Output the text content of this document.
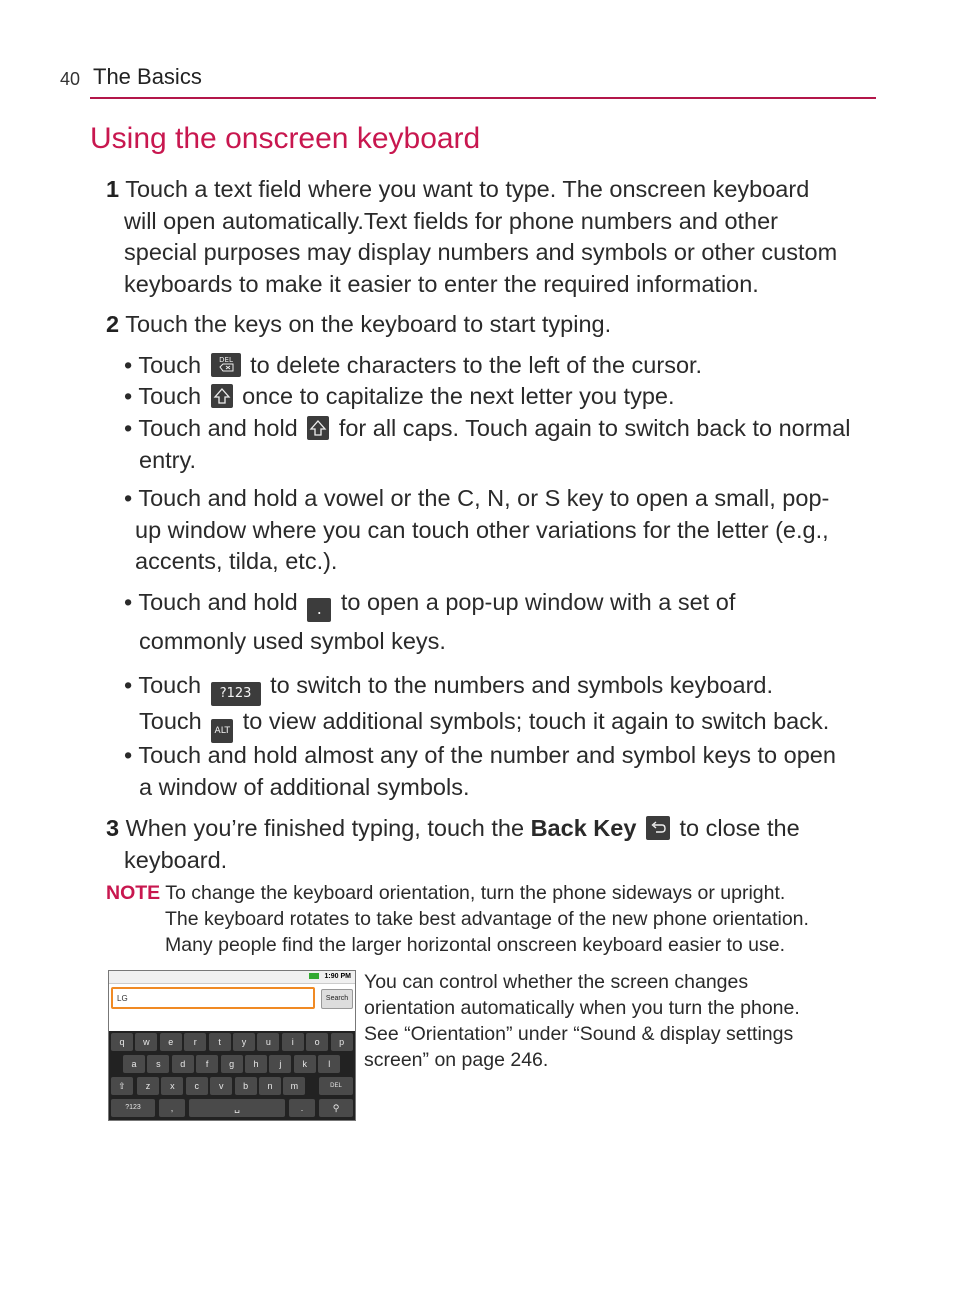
40 The Basics
Using the onscreen keyboard
1 Touch a text field where you want to type. The onscreen keyboard
will open automatically.Text fields for phone numbers and other
special purposes may display numbers and symbols or other custom
keyboards to make it easier to enter the required information.
2 Touch the keys on the keyboard to start typing.
• Touch	DEL to delete characters to the left of the cursor.
• Touch once to capitalize the next letter you type.
• Touch and hold for all caps. Touch again to switch back to normal
entry.
• Touch and hold a vowel or the C, N, or S key to open a small, pop-
up window where you can touch other variations for the letter (e.g.,
accents, tilda, etc.).
• Touch and hold . to open a pop-up window with a set of
commonly used symbol keys.
• Touch ?123 to switch to the numbers and symbols keyboard.
Touch ALT to view additional symbols; touch it again to switch back.
• Touch and hold almost any of the number and symbol keys to open
a window of additional symbols.
3 When you’re finished typing, touch the Back Key to close the
keyboard.
NOTE To change the keyboard orientation, turn the phone sideways or upright.
The keyboard rotates to take best advantage of the new phone orientation.
Many people find the larger horizontal onscreen keyboard easier to use.
1:90 PM
LG	Search
q	w	e	r	t	y	u	i	o	p
a	s	d	f	g	h	j	k	l
⇧	DEL
z	x	c	v	b	n	m
?123	,	␣	.	⚲
You can control whether the screen changes
orientation automatically when you turn the phone.
See “Orientation” under “Sound & display settings
screen” on page 246.
